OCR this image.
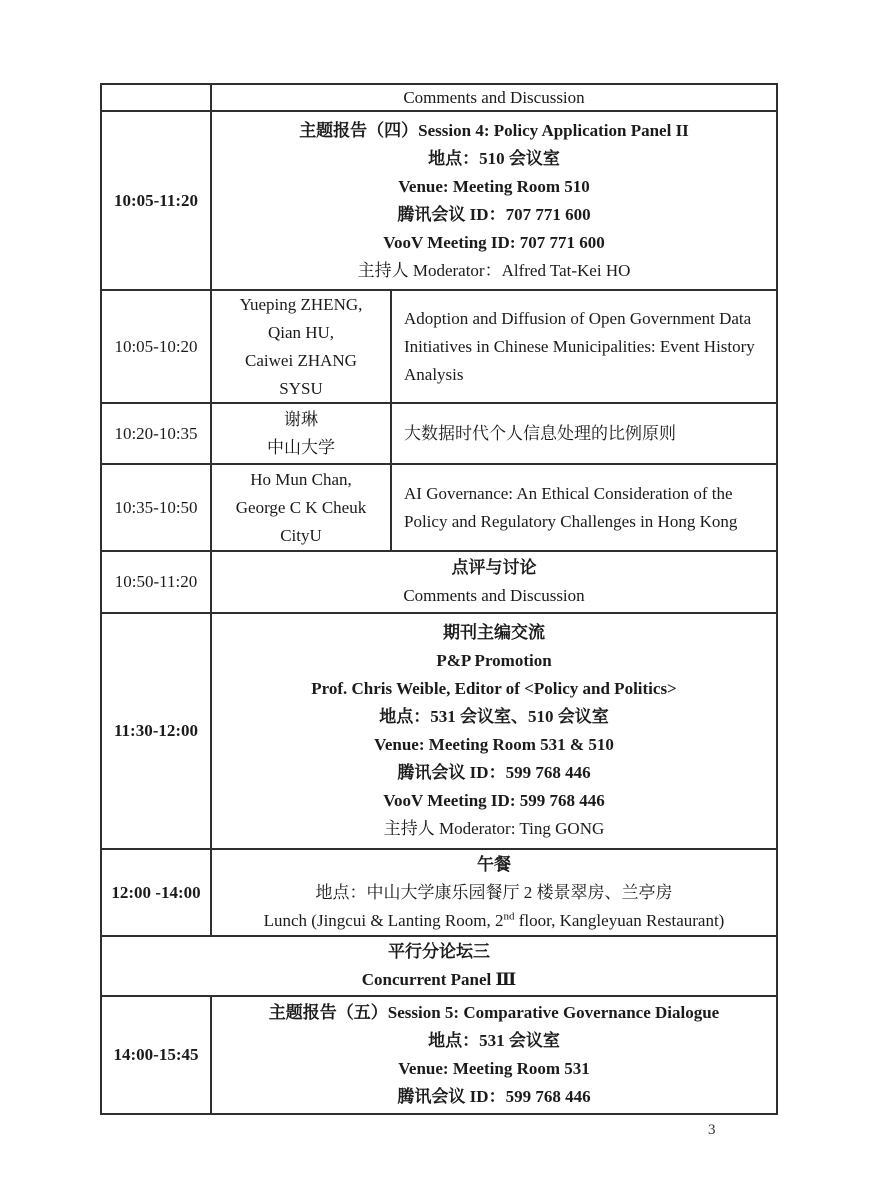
Comments and Discussion
10:05-11:20
主题报告（四）Session 4: Policy Application Panel II
地点：510 会议室
Venue: Meeting Room 510
腾讯会议 ID：707 771 600
VooV Meeting ID: 707 771 600
主持人 Moderator：Alfred Tat-Kei HO
10:05-10:20
Yueping ZHENG,
Qian HU,
Caiwei ZHANG
SYSU
Adoption and Diffusion of Open Government Data Initiatives in Chinese Municipalities: Event History Analysis
10:20-10:35
谢琳
中山大学
大数据时代个人信息处理的比例原则
10:35-10:50
Ho Mun Chan,
George C K Cheuk
CityU
AI Governance: An Ethical Consideration of the Policy and Regulatory Challenges in Hong Kong
10:50-11:20
点评与讨论
Comments and Discussion
11:30-12:00
期刊主编交流
P&P Promotion
Prof. Chris Weible, Editor of <Policy and Politics>
地点：531 会议室、510 会议室
Venue: Meeting Room 531 & 510
腾讯会议 ID：599 768 446
VooV Meeting ID: 599 768 446
主持人 Moderator: Ting GONG
12:00 -14:00
午餐
地点：中山大学康乐园餐厅 2 楼景翠房、兰亭房
Lunch (Jingcui & Lanting Room, 2nd floor, Kangleyuan Restaurant)
平行分论坛三
Concurrent Panel Ⅲ
14:00-15:45
主题报告（五）Session 5: Comparative Governance Dialogue
地点：531 会议室
Venue: Meeting Room 531
腾讯会议 ID：599 768 446
3
